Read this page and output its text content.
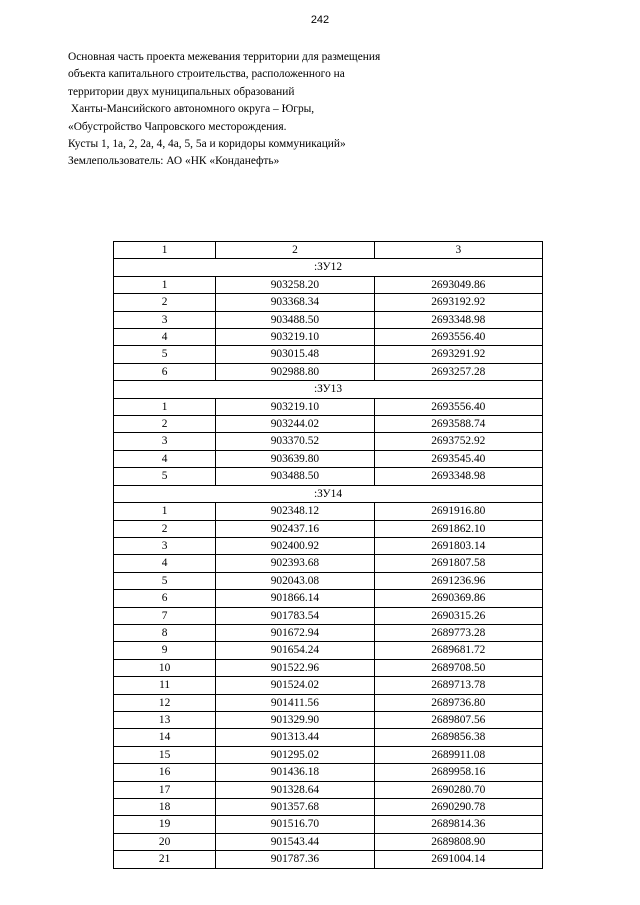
242
Основная часть проекта межевания территории для размещения
объекта капитального строительства, расположенного на
территории двух муниципальных образований
Ханты-Мансийского автономного округа – Югры,
«Обустройство Чапровского месторождения.
Кусты 1, 1а, 2, 2а, 4, 4а, 5, 5а и коридоры коммуникаций»
Землепользователь: АО «НК «Конданефть»
1	2	3
:ЗУ12		
1	903258.20	2693049.86
2	903368.34	2693192.92
3	903488.50	2693348.98
4	903219.10	2693556.40
5	903015.48	2693291.92
6	902988.80	2693257.28
:ЗУ13		
1	903219.10	2693556.40
2	903244.02	2693588.74
3	903370.52	2693752.92
4	903639.80	2693545.40
5	903488.50	2693348.98
:ЗУ14		
1	902348.12	2691916.80
2	902437.16	2691862.10
3	902400.92	2691803.14
4	902393.68	2691807.58
5	902043.08	2691236.96
6	901866.14	2690369.86
7	901783.54	2690315.26
8	901672.94	2689773.28
9	901654.24	2689681.72
10	901522.96	2689708.50
11	901524.02	2689713.78
12	901411.56	2689736.80
13	901329.90	2689807.56
14	901313.44	2689856.38
15	901295.02	2689911.08
16	901436.18	2689958.16
17	901328.64	2690280.70
18	901357.68	2690290.78
19	901516.70	2689814.36
20	901543.44	2689808.90
21	901787.36	2691004.14
